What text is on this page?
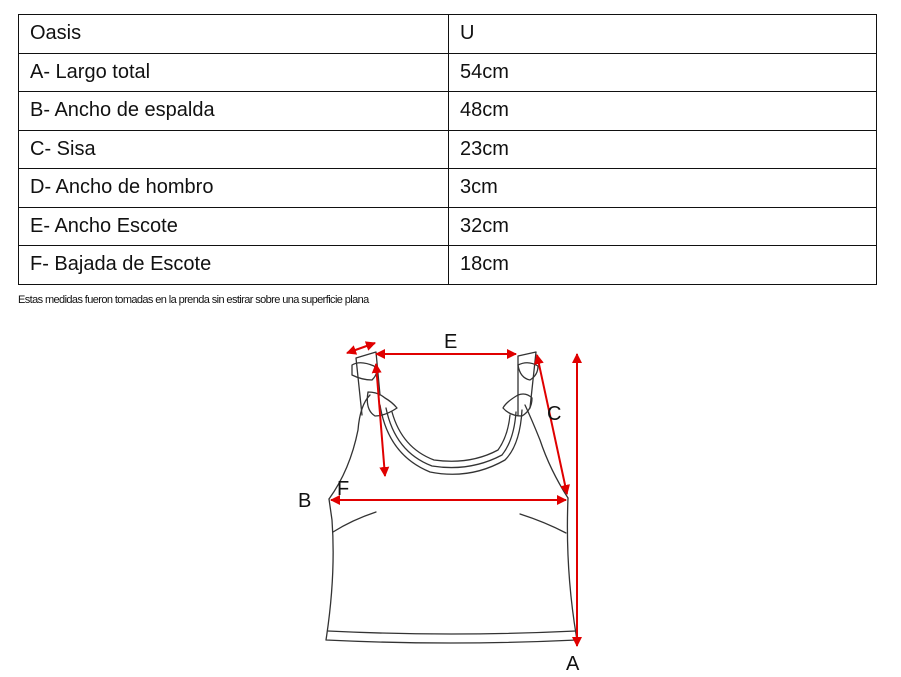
Oasis	U
A- Largo total	54cm
B- Ancho de espalda	48cm
C- Sisa	23cm
D- Ancho de hombro	3cm
E- Ancho Escote	32cm
F- Bajada de Escote	18cm
Estas medidas fueron tomadas en la prenda sin estirar sobre una superficie plana
A
B
C
E
F
